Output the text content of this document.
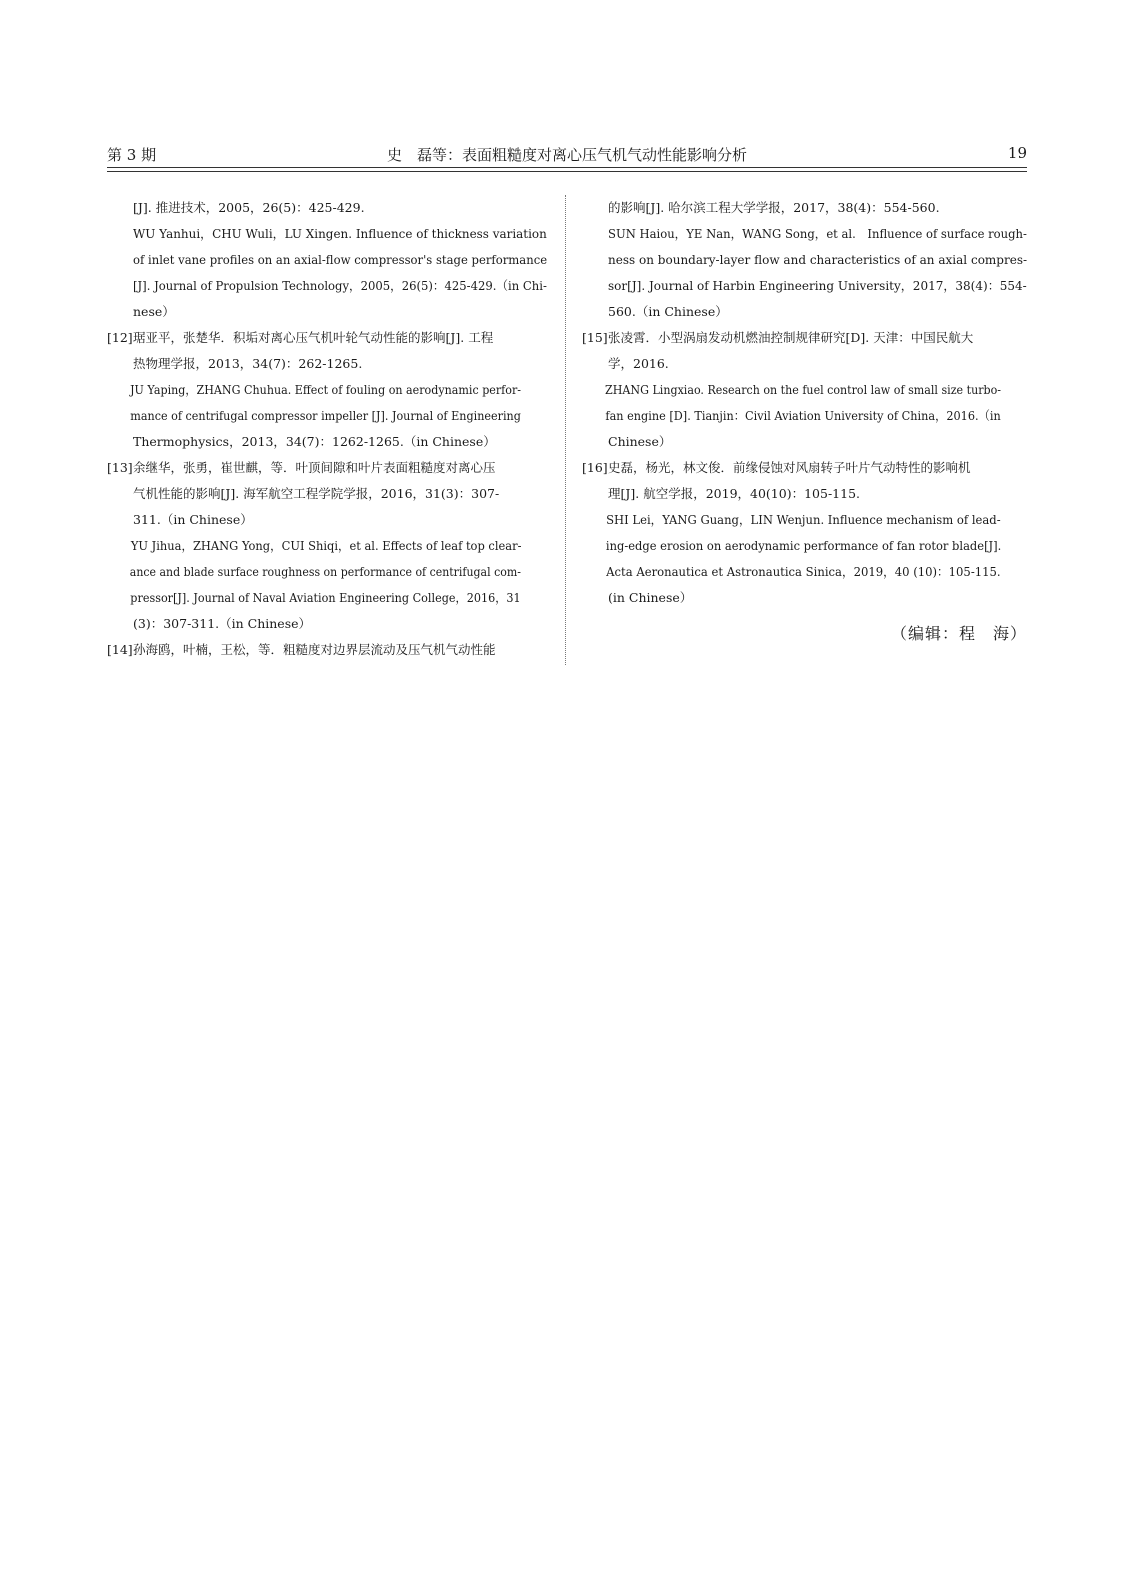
第 3 期	史　磊等：表面粗糙度对离心压气机气动性能影响分析	19
[J]. 推进技术，2005，26(5)：425-429.
WU Yanhui，CHU Wuli，LU Xingen. Influence of thickness variation
of inlet vane profiles on an axial-flow compressor's stage performance
[J]. Journal of Propulsion Technology，2005，26(5)：425-429.（in Chi-
nese）
[12]琚亚平，张楚华．积垢对离心压气机叶轮气动性能的影响[J]. 工程
热物理学报，2013，34(7)：262-1265.
JU Yaping，ZHANG Chuhua. Effect of fouling on aerodynamic perfor-
mance of centrifugal compressor impeller [J]. Journal of Engineering
Thermophysics，2013，34(7)：1262-1265.（in Chinese）
[13]余继华，张勇，崔世麒，等．叶顶间隙和叶片表面粗糙度对离心压
气机性能的影响[J]. 海军航空工程学院学报，2016，31(3)：307-
311.（in Chinese）
YU Jihua，ZHANG Yong，CUI Shiqi，et al. Effects of leaf top clear-
ance and blade surface roughness on performance of centrifugal com-
pressor[J]. Journal of Naval Aviation Engineering College，2016，31
(3)：307-311.（in Chinese）
[14]孙海鸥，叶楠，王松，等．粗糙度对边界层流动及压气机气动性能
的影响[J]. 哈尔滨工程大学学报，2017，38(4)：554-560.
SUN Haiou，YE Nan，WANG Song，et al.　Influence of surface rough-
ness on boundary-layer flow and characteristics of an axial compres-
sor[J]. Journal of Harbin Engineering University，2017，38(4)：554-
560.（in Chinese）
[15]张凌霄．小型涡扇发动机燃油控制规律研究[D]. 天津：中国民航大
学，2016.
ZHANG Lingxiao. Research on the fuel control law of small size turbo-
fan engine [D]. Tianjin：Civil Aviation University of China，2016.（in
Chinese）
[16]史磊，杨光，林文俊．前缘侵蚀对风扇转子叶片气动特性的影响机
理[J]. 航空学报，2019，40(10)：105-115.
SHI Lei，YANG Guang，LIN Wenjun. Influence mechanism of lead-
ing-edge erosion on aerodynamic performance of fan rotor blade[J].
Acta Aeronautica et Astronautica Sinica，2019，40 (10)：105-115.
(in Chinese）
（编辑：程　海）
